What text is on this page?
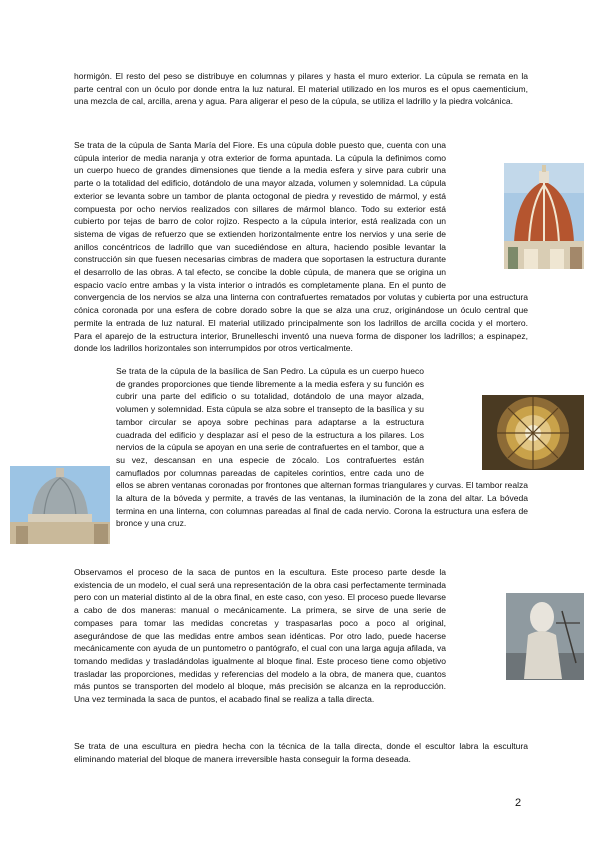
hormigón. El resto del peso se distribuye en columnas y pilares y hasta el muro exterior. La cúpula se remata en la parte central con un óculo por donde entra la luz natural. El material utilizado en los muros es el opus caementicium, una mezcla de cal, arcilla, arena y agua. Para aligerar el peso de la cúpula, se utiliza el ladrillo y la piedra volcánica.

Se trata de la cúpula de Santa María del Fiore. Es una cúpula doble puesto que, cuenta con una cúpula interior de media naranja y otra exterior de forma apuntada. La cúpula la definimos como un cuerpo hueco de grandes dimensiones que tiende a la media esfera y sirve para cubrir una parte o la totalidad del edificio, dotándolo de una mayor alzada, volumen y solemnidad. La cúpula exterior se levanta sobre un tambor de planta octogonal de piedra y revestido de mármol, y está compuesta por ocho nervios realizados con sillares de mármol blanco. Todo su exterior está cubierto por tejas de barro de color rojizo. Respecto a la cúpula interior, está realizada con un sistema de vigas de refuerzo que se extienden horizontalmente entre los nervios y una serie de anillos concéntricos de ladrillo que van sucediéndose en altura, haciendo posible levantar la construcción sin que fuesen necesarias cimbras de madera que soportasen la estructura durante el desarrollo de las obras. A tal efecto, se concibe la doble cúpula, de manera que se origina un espacio vacío entre ambas y la vista interior o intradós es completamente plana. En el punto de convergencia de los nervios se alza una linterna con contrafuertes rematados por volutas y cubierta por una estructura cónica coronada por una esfera de cobre dorado sobre la que se alza una cruz, originándose un óculo central que permite la entrada de luz natural. El material utilizado principalmente son los ladrillos de arcilla cocida y el mortero. Para el aparejo de la estructura interior, Brunelleschi inventó una nueva forma de disponer los ladrillos; a espinapez, donde los ladrillos horizontales son interrumpidos por otros verticalmente.

Se trata de la cúpula de la basílica de San Pedro. La cúpula es un cuerpo hueco de grandes proporciones que tiende libremente a la media esfera y su función es cubrir una parte del edificio o su totalidad, dotándolo de una mayor alzada, volumen y solemnidad. Esta cúpula se alza sobre el transepto de la basílica y su tambor circular se apoya sobre pechinas para adaptarse a la estructura cuadrada del edificio y desplazar así el peso de la estructura a los pilares. Los nervios de la cúpula se apoyan en una serie de contrafuertes en el tambor, que a su vez, descansan en una especie de zócalo. Los contrafuertes están camuflados por columnas pareadas de capiteles corintios, entre cada uno de ellos se abren ventanas coronadas por frontones que alternan formas triangulares y curvas. El tambor realza la altura de la bóveda y permite, a través de las ventanas, la iluminación de la zona del altar. La bóveda termina en una linterna, con columnas pareadas al final de cada nervio. Corona la estructura una esfera de bronce y una cruz.

Observamos el proceso de la saca de puntos en la escultura. Este proceso parte desde la existencia de un modelo, el cual será una representación de la obra casi perfectamente terminada pero con un material distinto al de la obra final, en este caso, con yeso. El proceso puede llevarse a cabo de dos maneras: manual o mecánicamente. La primera, se sirve de una serie de compases para tomar las medidas concretas y traspasarlas poco a poco al original, asegurándose de que las medidas entre ambos sean idénticas. Por otro lado, puede hacerse mecánicamente con ayuda de un puntometro o pantógrafo, el cual con una larga aguja afilada, va tomando medidas y trasladándolas igualmente al bloque final. Este proceso tiene como objetivo trasladar las proporciones, medidas y referencias del modelo a la obra, de manera que, cuantos más puntos se transporten del modelo al bloque, más precisión se alcanza en la reproducción. Una vez terminada la saca de puntos, el acabado final se realiza a talla directa.

Se trata de una escultura en piedra hecha con la técnica de la talla directa, donde el escultor labra la escultura eliminando material del bloque de manera irreversible hasta conseguir la forma deseada.

2
